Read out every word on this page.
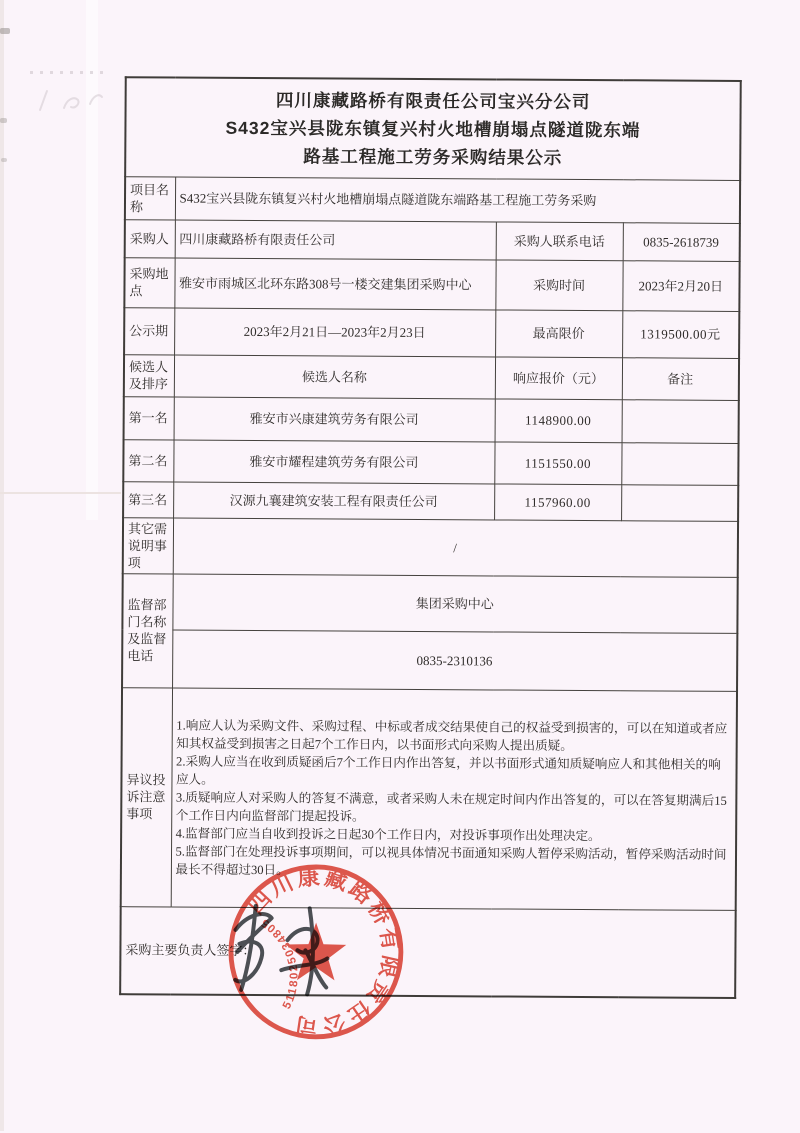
四川康藏路桥有限责任公司宝兴分公司
S432宝兴县陇东镇复兴村火地槽崩塌点隧道陇东端
路基工程施工劳务采购结果公示			

项目名称	S432宝兴县陇东镇复兴村火地槽崩塌点隧道陇东端路基工程施工劳务采购		
采购人	四川康藏路桥有限责任公司	采购人联系电话	0835-2618739
采购地点	雅安市雨城区北环东路308号一楼交建集团采购中心	采购时间	2023年2月20日
公示期	2023年2月21日—2023年2月23日	最高限价	1319500.00元
候选人及排序	候选人名称	响应报价（元）	备注
第一名	雅安市兴康建筑劳务有限公司	1148900.00	
第二名	雅安市耀程建筑劳务有限公司	1151550.00	
第三名	汉源九襄建筑安装工程有限责任公司	1157960.00	
其它需说明事项	/		
监督部门名称及监督电话	集团采购中心		
	0835-2310136		
异议投诉注意事项	1.响应人认为采购文件、采购过程、中标或者成交结果使自己的权益受到损害的，可以在知道或者应知其权益受到损害之日起7个工作日内，以书面形式向采购人提出质疑。
2.采购人应当在收到质疑函后7个工作日内作出答复，并以书面形式通知质疑响应人和其他相关的响应人。
3.质疑响应人对采购人的答复不满意，或者采购人未在规定时间内作出答复的，可以在答复期满后15个工作日内向监督部门提起投诉。
4.监督部门应当自收到投诉之日起30个工作日内，对投诉事项作出处理决定。
5.监督部门在处理投诉事项期间，可以视具体情况书面通知采购人暂停采购活动，暂停采购活动时间最长不得超过30日。		

采购主要负责人签字：			
四川康藏路桥有限责任公司
5118025034805
